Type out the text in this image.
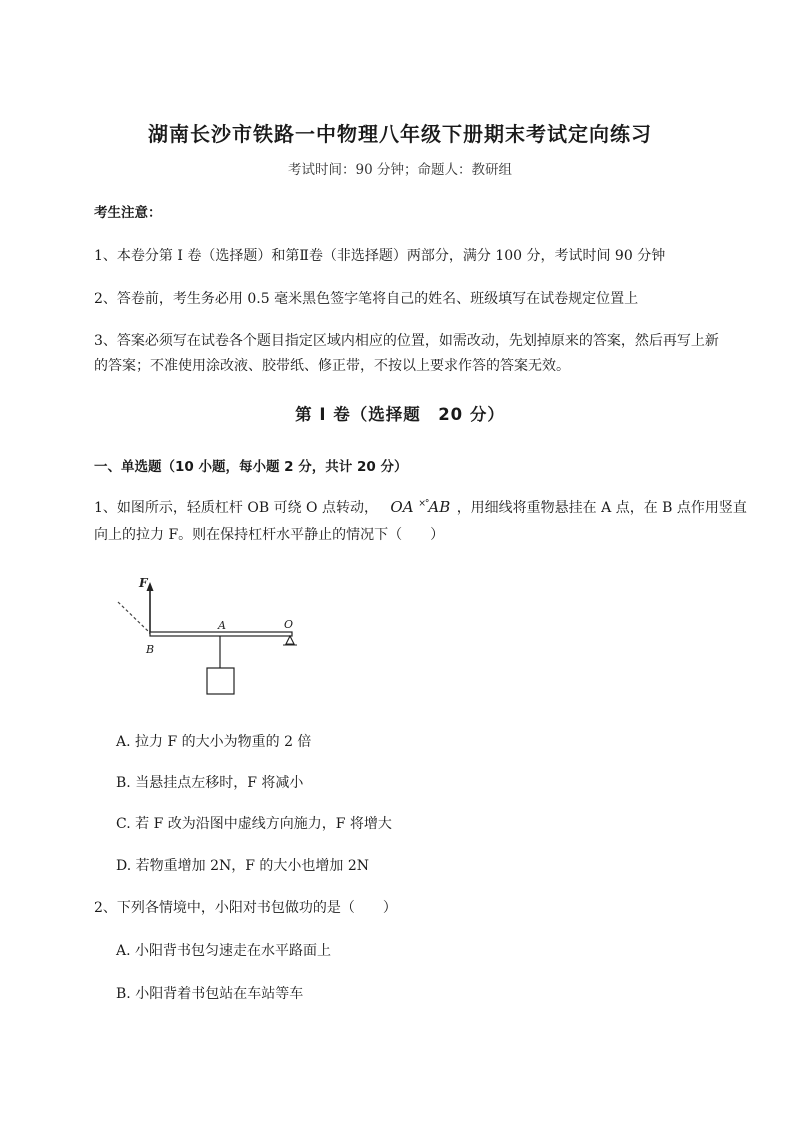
湖南长沙市铁路一中物理八年级下册期末考试定向练习
考试时间：90 分钟；命题人：教研组
考生注意：
1、本卷分第 I 卷（选择题）和第Ⅱ卷（非选择题）两部分，满分 100 分，考试时间 90 分钟
2、答卷前，考生务必用 0.5 毫米黑色签字笔将自己的姓名、班级填写在试卷规定位置上
3、答案必须写在试卷各个题目指定区域内相应的位置，如需改动，先划掉原来的答案，然后再写上新
的答案；不准使用涂改液、胶带纸、修正带，不按以上要求作答的答案无效。
第 I 卷（选择题　20 分）
一、单选题（10 小题，每小题 2 分，共计 20 分）
1、如图所示，轻质杠杆 OB 可绕 O 点转动， OA ×°AB ，用细线将重物悬挂在 A 点，在 B 点作用竖直
向上的拉力 F。则在保持杠杆水平静止的情况下（　　）
F
A	O
B
A. 拉力 F 的大小为物重的 2 倍
B. 当悬挂点左移时，F 将减小
C. 若 F 改为沿图中虚线方向施力，F 将增大
D. 若物重增加 2N，F 的大小也增加 2N
2、下列各情境中，小阳对书包做功的是（　　）
A. 小阳背书包匀速走在水平路面上
B. 小阳背着书包站在车站等车
